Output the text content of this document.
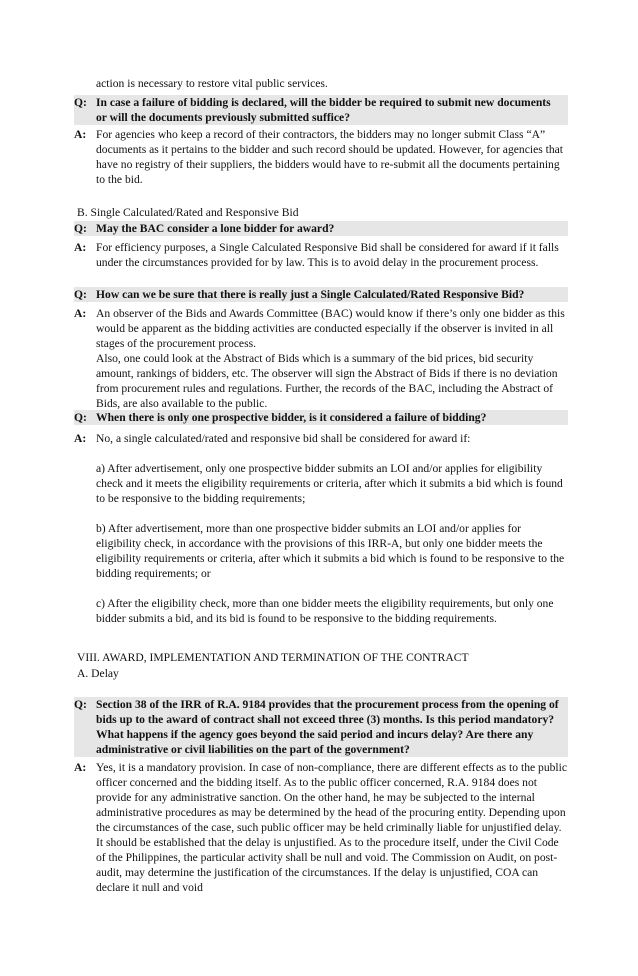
action is necessary to restore vital public services.
Q: In case a failure of bidding is declared, will the bidder be required to submit new documents or will the documents previously submitted suffice?
A: For agencies who keep a record of their contractors, the bidders may no longer submit Class “A” documents as it pertains to the bidder and such record should be updated. However, for agencies that have no registry of their suppliers, the bidders would have to re-submit all the documents pertaining to the bid.
B. Single Calculated/Rated and Responsive Bid
Q: May the BAC consider a lone bidder for award?
A: For efficiency purposes, a Single Calculated Responsive Bid shall be considered for award if it falls under the circumstances provided for by law. This is to avoid delay in the procurement process.
Q: How can we be sure that there is really just a Single Calculated/Rated Responsive Bid?
A: An observer of the Bids and Awards Committee (BAC) would know if there’s only one bidder as this would be apparent as the bidding activities are conducted especially if the observer is invited in all stages of the procurement process.

Also, one could look at the Abstract of Bids which is a summary of the bid prices, bid security amount, rankings of bidders, etc. The observer will sign the Abstract of Bids if there is no deviation from procurement rules and regulations. Further, the records of the BAC, including the Abstract of Bids, are also available to the public.

Q: When there is only one prospective bidder, is it considered a failure of bidding?
A: No, a single calculated/rated and responsive bid shall be considered for award if:

a) After advertisement, only one prospective bidder submits an LOI and/or applies for eligibility check and it meets the eligibility requirements or criteria, after which it submits a bid which is found to be responsive to the bidding requirements;

b) After advertisement, more than one prospective bidder submits an LOI and/or applies for eligibility check, in accordance with the provisions of this IRR-A, but only one bidder meets the eligibility requirements or criteria, after which it submits a bid which is found to be responsive to the bidding requirements; or

c) After the eligibility check, more than one bidder meets the eligibility requirements, but only one bidder submits a bid, and its bid is found to be responsive to the bidding requirements.

VIII. AWARD, IMPLEMENTATION AND TERMINATION OF THE CONTRACT
A. Delay
Q: Section 38 of the IRR of R.A. 9184 provides that the procurement process from the opening of bids up to the award of contract shall not exceed three (3) months. Is this period mandatory? What happens if the agency goes beyond the said period and incurs delay? Are there any administrative or civil liabilities on the part of the government?
A: Yes, it is a mandatory provision. In case of non-compliance, there are different effects as to the public officer concerned and the bidding itself. As to the public officer concerned, R.A. 9184 does not provide for any administrative sanction. On the other hand, he may be subjected to the internal administrative procedures as may be determined by the head of the procuring entity. Depending upon the circumstances of the case, such public officer may be held criminally liable for unjustified delay. It should be established that the delay is unjustified. As to the procedure itself, under the Civil Code of the Philippines, the particular activity shall be null and void. The Commission on Audit, on post-audit, may determine the justification of the circumstances. If the delay is unjustified, COA can declare it null and void
